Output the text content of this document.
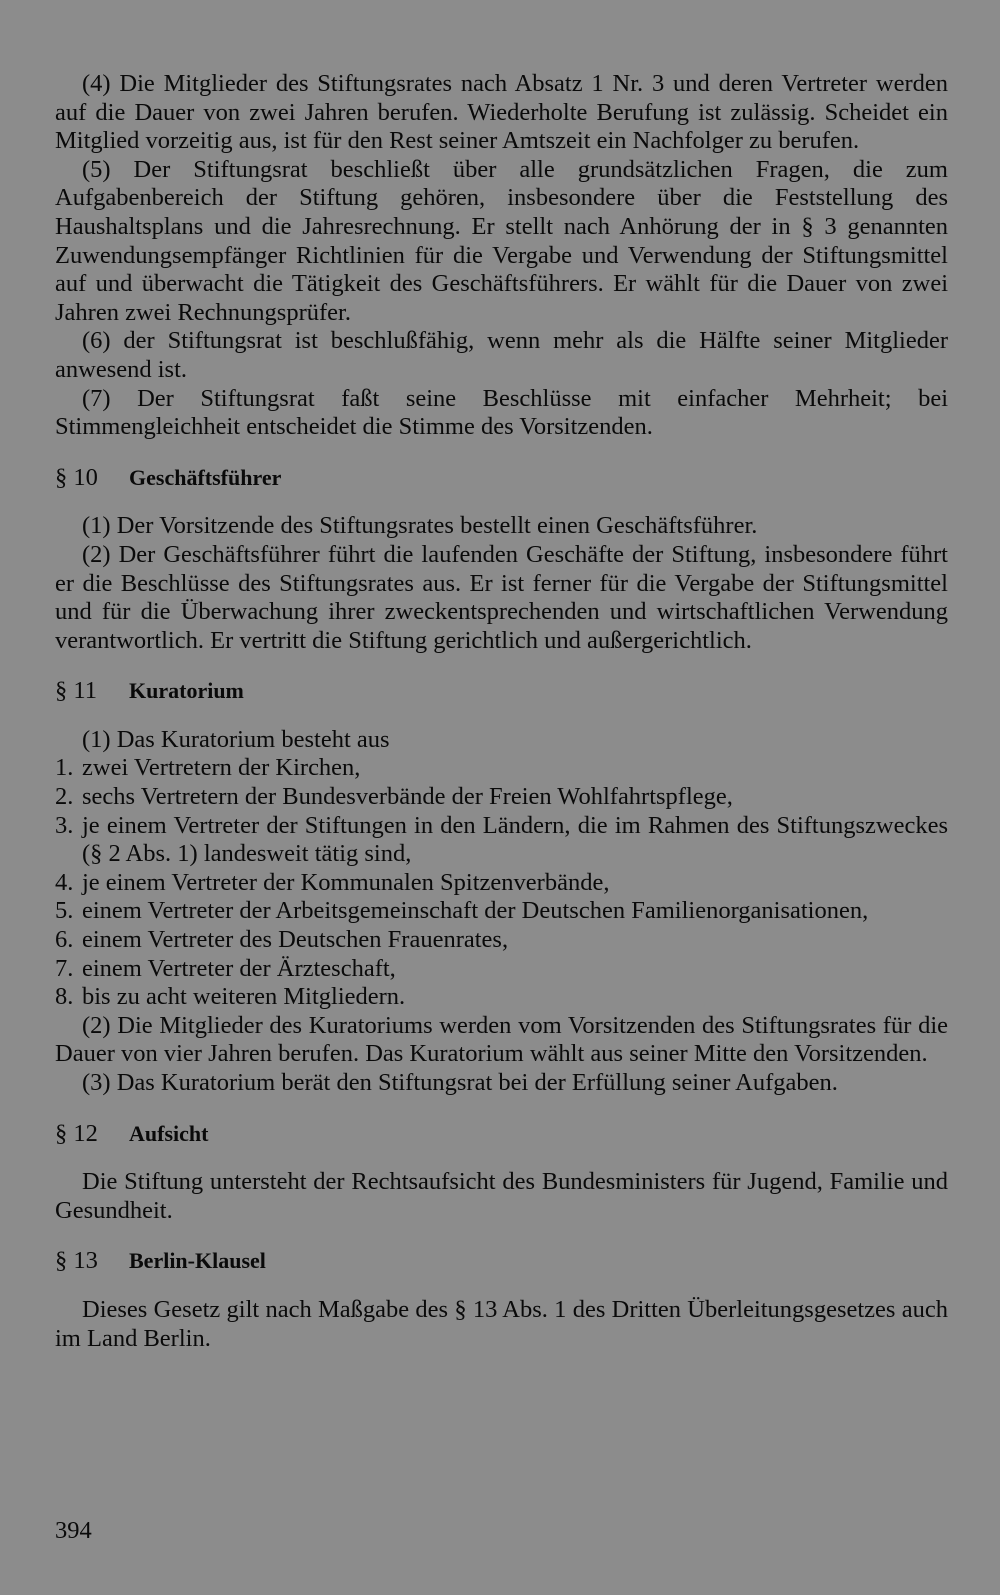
(4) Die Mitglieder des Stiftungsrates nach Absatz 1 Nr. 3 und deren Vertreter werden auf die Dauer von zwei Jahren berufen. Wiederholte Berufung ist zulässig. Scheidet ein Mitglied vorzeitig aus, ist für den Rest seiner Amtszeit ein Nachfolger zu berufen.

(5) Der Stiftungsrat beschließt über alle grundsätzlichen Fragen, die zum Aufgabenbereich der Stiftung gehören, insbesondere über die Feststellung des Haushaltsplans und die Jahresrechnung. Er stellt nach Anhörung der in § 3 genannten Zuwendungsempfänger Richtlinien für die Vergabe und Verwendung der Stiftungsmittel auf und überwacht die Tätigkeit des Geschäftsführers. Er wählt für die Dauer von zwei Jahren zwei Rechnungsprüfer.

(6) der Stiftungsrat ist beschlußfähig, wenn mehr als die Hälfte seiner Mitglieder anwesend ist.

(7) Der Stiftungsrat faßt seine Beschlüsse mit einfacher Mehrheit; bei Stimmengleichheit entscheidet die Stimme des Vorsitzenden.

§ 10	Geschäftsführer

(1) Der Vorsitzende des Stiftungsrates bestellt einen Geschäftsführer.

(2) Der Geschäftsführer führt die laufenden Geschäfte der Stiftung, insbesondere führt er die Beschlüsse des Stiftungsrates aus. Er ist ferner für die Vergabe der Stiftungsmittel und für die Überwachung ihrer zweckentsprechenden und wirtschaftlichen Verwendung verantwortlich. Er vertritt die Stiftung gerichtlich und außergerichtlich.

§ 11	Kuratorium

(1) Das Kuratorium besteht aus

1. zwei Vertretern der Kirchen,
2. sechs Vertretern der Bundesverbände der Freien Wohlfahrtspflege,
3. je einem Vertreter der Stiftungen in den Ländern, die im Rahmen des Stiftungszweckes (§ 2 Abs. 1) landesweit tätig sind,
4. je einem Vertreter der Kommunalen Spitzenverbände,
5. einem Vertreter der Arbeitsgemeinschaft der Deutschen Familienorganisationen,
6. einem Vertreter des Deutschen Frauenrates,
7. einem Vertreter der Ärzteschaft,
8. bis zu acht weiteren Mitgliedern.

(2) Die Mitglieder des Kuratoriums werden vom Vorsitzenden des Stiftungsrates für die Dauer von vier Jahren berufen. Das Kuratorium wählt aus seiner Mitte den Vorsitzenden.

(3) Das Kuratorium berät den Stiftungsrat bei der Erfüllung seiner Aufgaben.

§ 12	Aufsicht

Die Stiftung untersteht der Rechtsaufsicht des Bundesministers für Jugend, Familie und Gesundheit.

§ 13	Berlin-Klausel

Dieses Gesetz gilt nach Maßgabe des § 13 Abs. 1 des Dritten Überleitungsgesetzes auch im Land Berlin.

394
